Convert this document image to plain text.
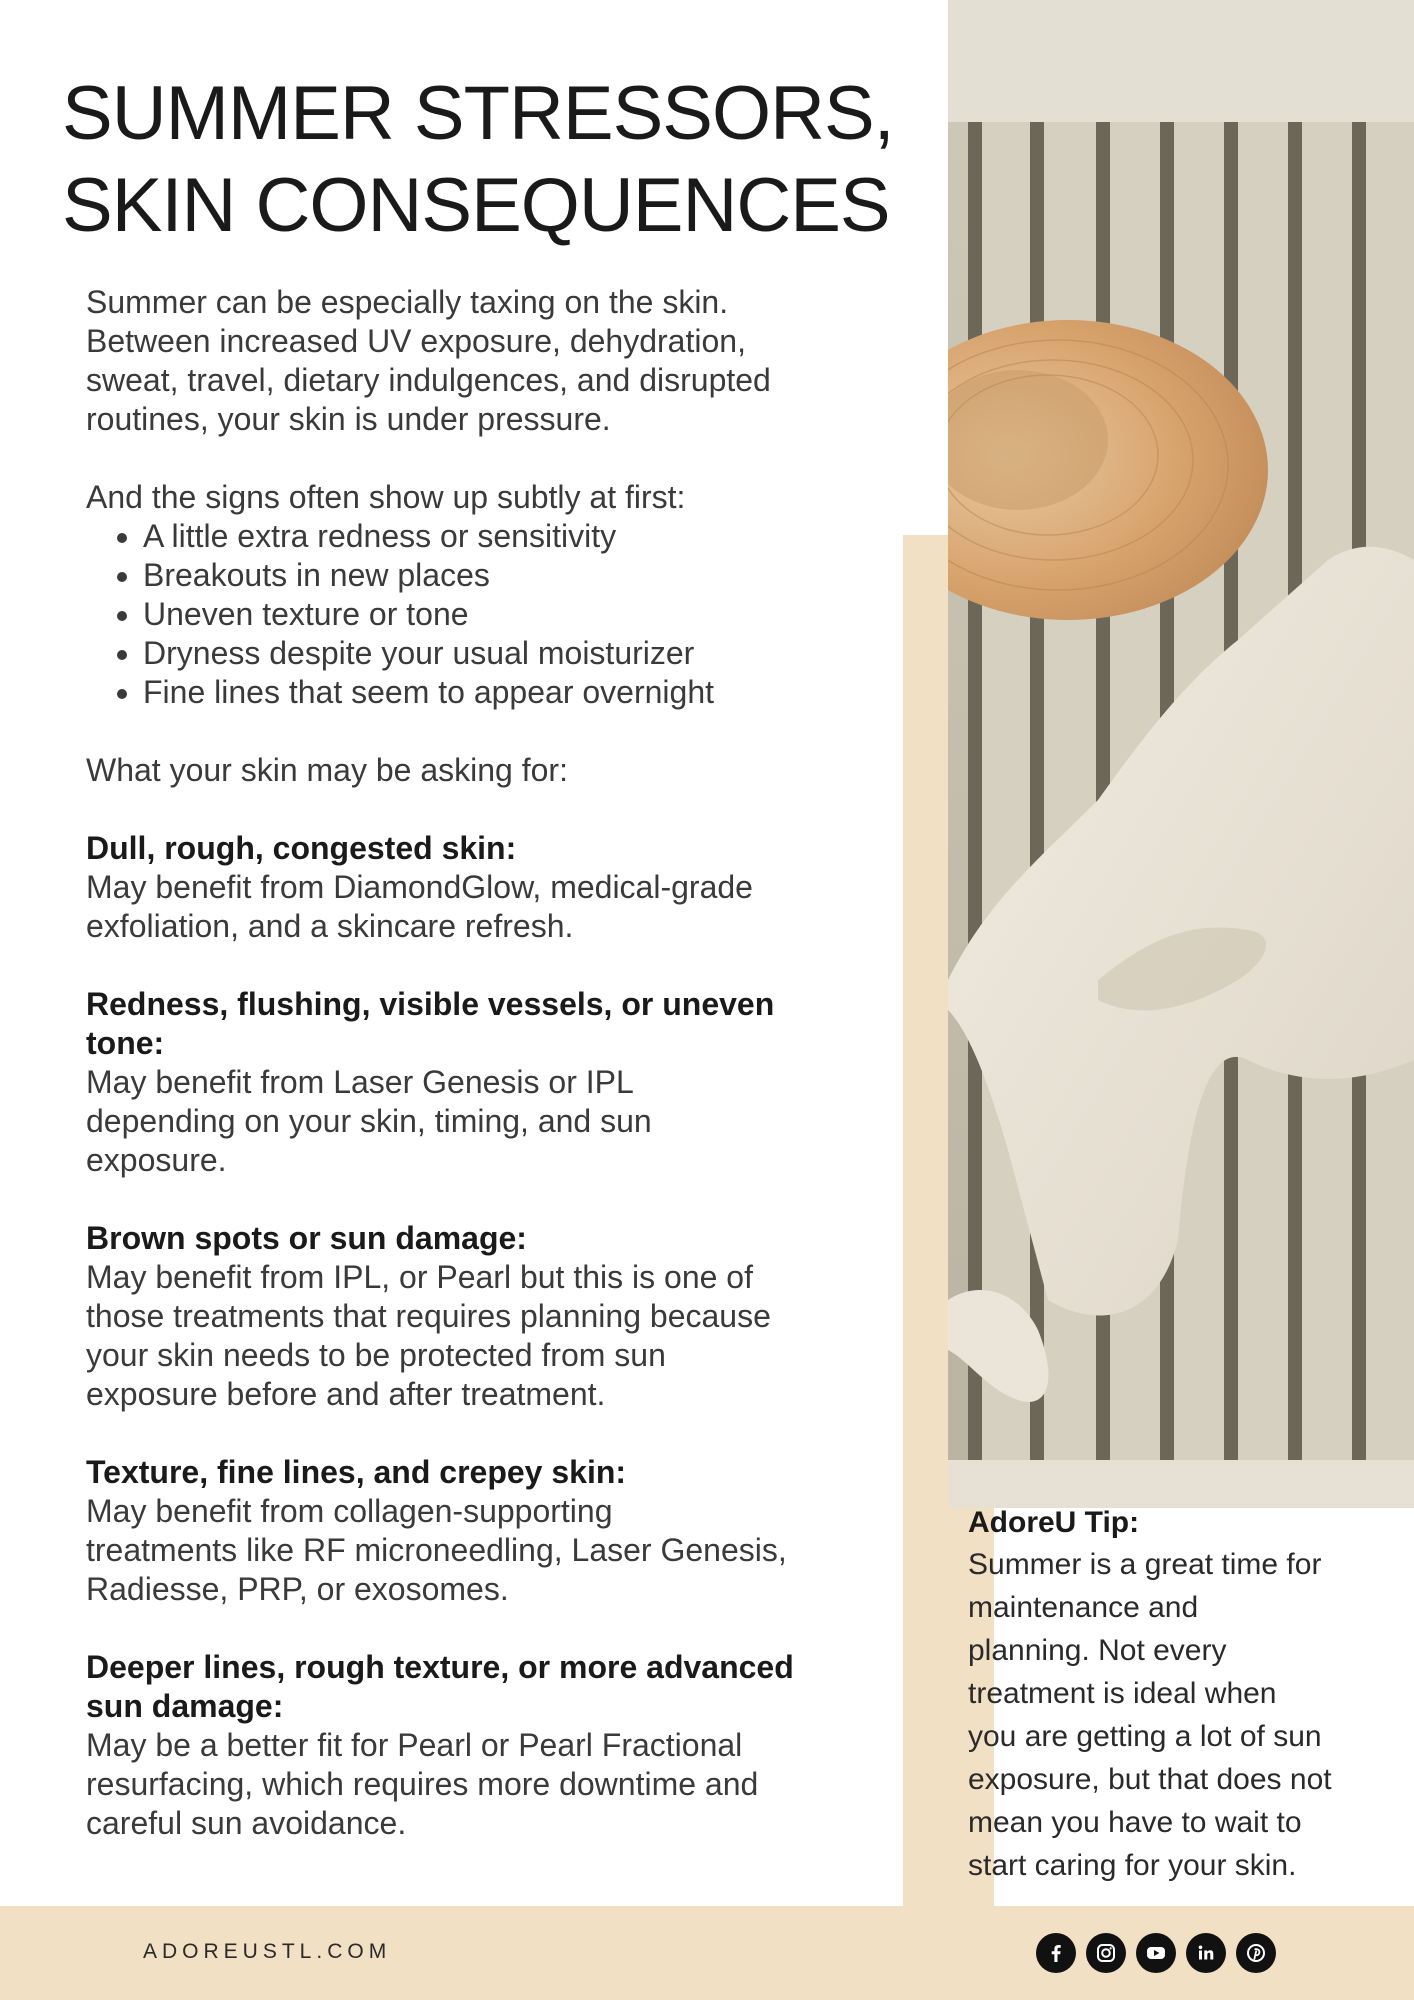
SUMMER STRESSORS,
SKIN CONSEQUENCES

Summer can be especially taxing on the skin.

Between increased UV exposure, dehydration,

sweat, travel, dietary indulgences, and disrupted

routines, your skin is under pressure.

And the signs often show up subtly at first:

• A little extra redness or sensitivity
• Breakouts in new places
• Uneven texture or tone
• Dryness despite your usual moisturizer
• Fine lines that seem to appear overnight

What your skin may be asking for:

Dull, rough, congested skin:

May benefit from DiamondGlow, medical-grade

exfoliation, and a skincare refresh.

Redness, flushing, visible vessels, or uneven

tone:

May benefit from Laser Genesis or IPL

depending on your skin, timing, and sun

exposure.

Brown spots or sun damage:

May benefit from IPL, or Pearl but this is one of

those treatments that requires planning because

your skin needs to be protected from sun

exposure before and after treatment.

Texture, fine lines, and crepey skin:

May benefit from collagen-supporting

treatments like RF microneedling, Laser Genesis,

Radiesse, PRP, or exosomes.

Deeper lines, rough texture, or more advanced

sun damage:

May be a better fit for Pearl or Pearl Fractional

resurfacing, which requires more downtime and

careful sun avoidance.

AdoreU Tip:
Summer is a great time for
maintenance and
planning. Not every
treatment is ideal when
you are getting a lot of sun
exposure, but that does not
mean you have to wait to
start caring for your skin.
ADOREUSTL.COM
